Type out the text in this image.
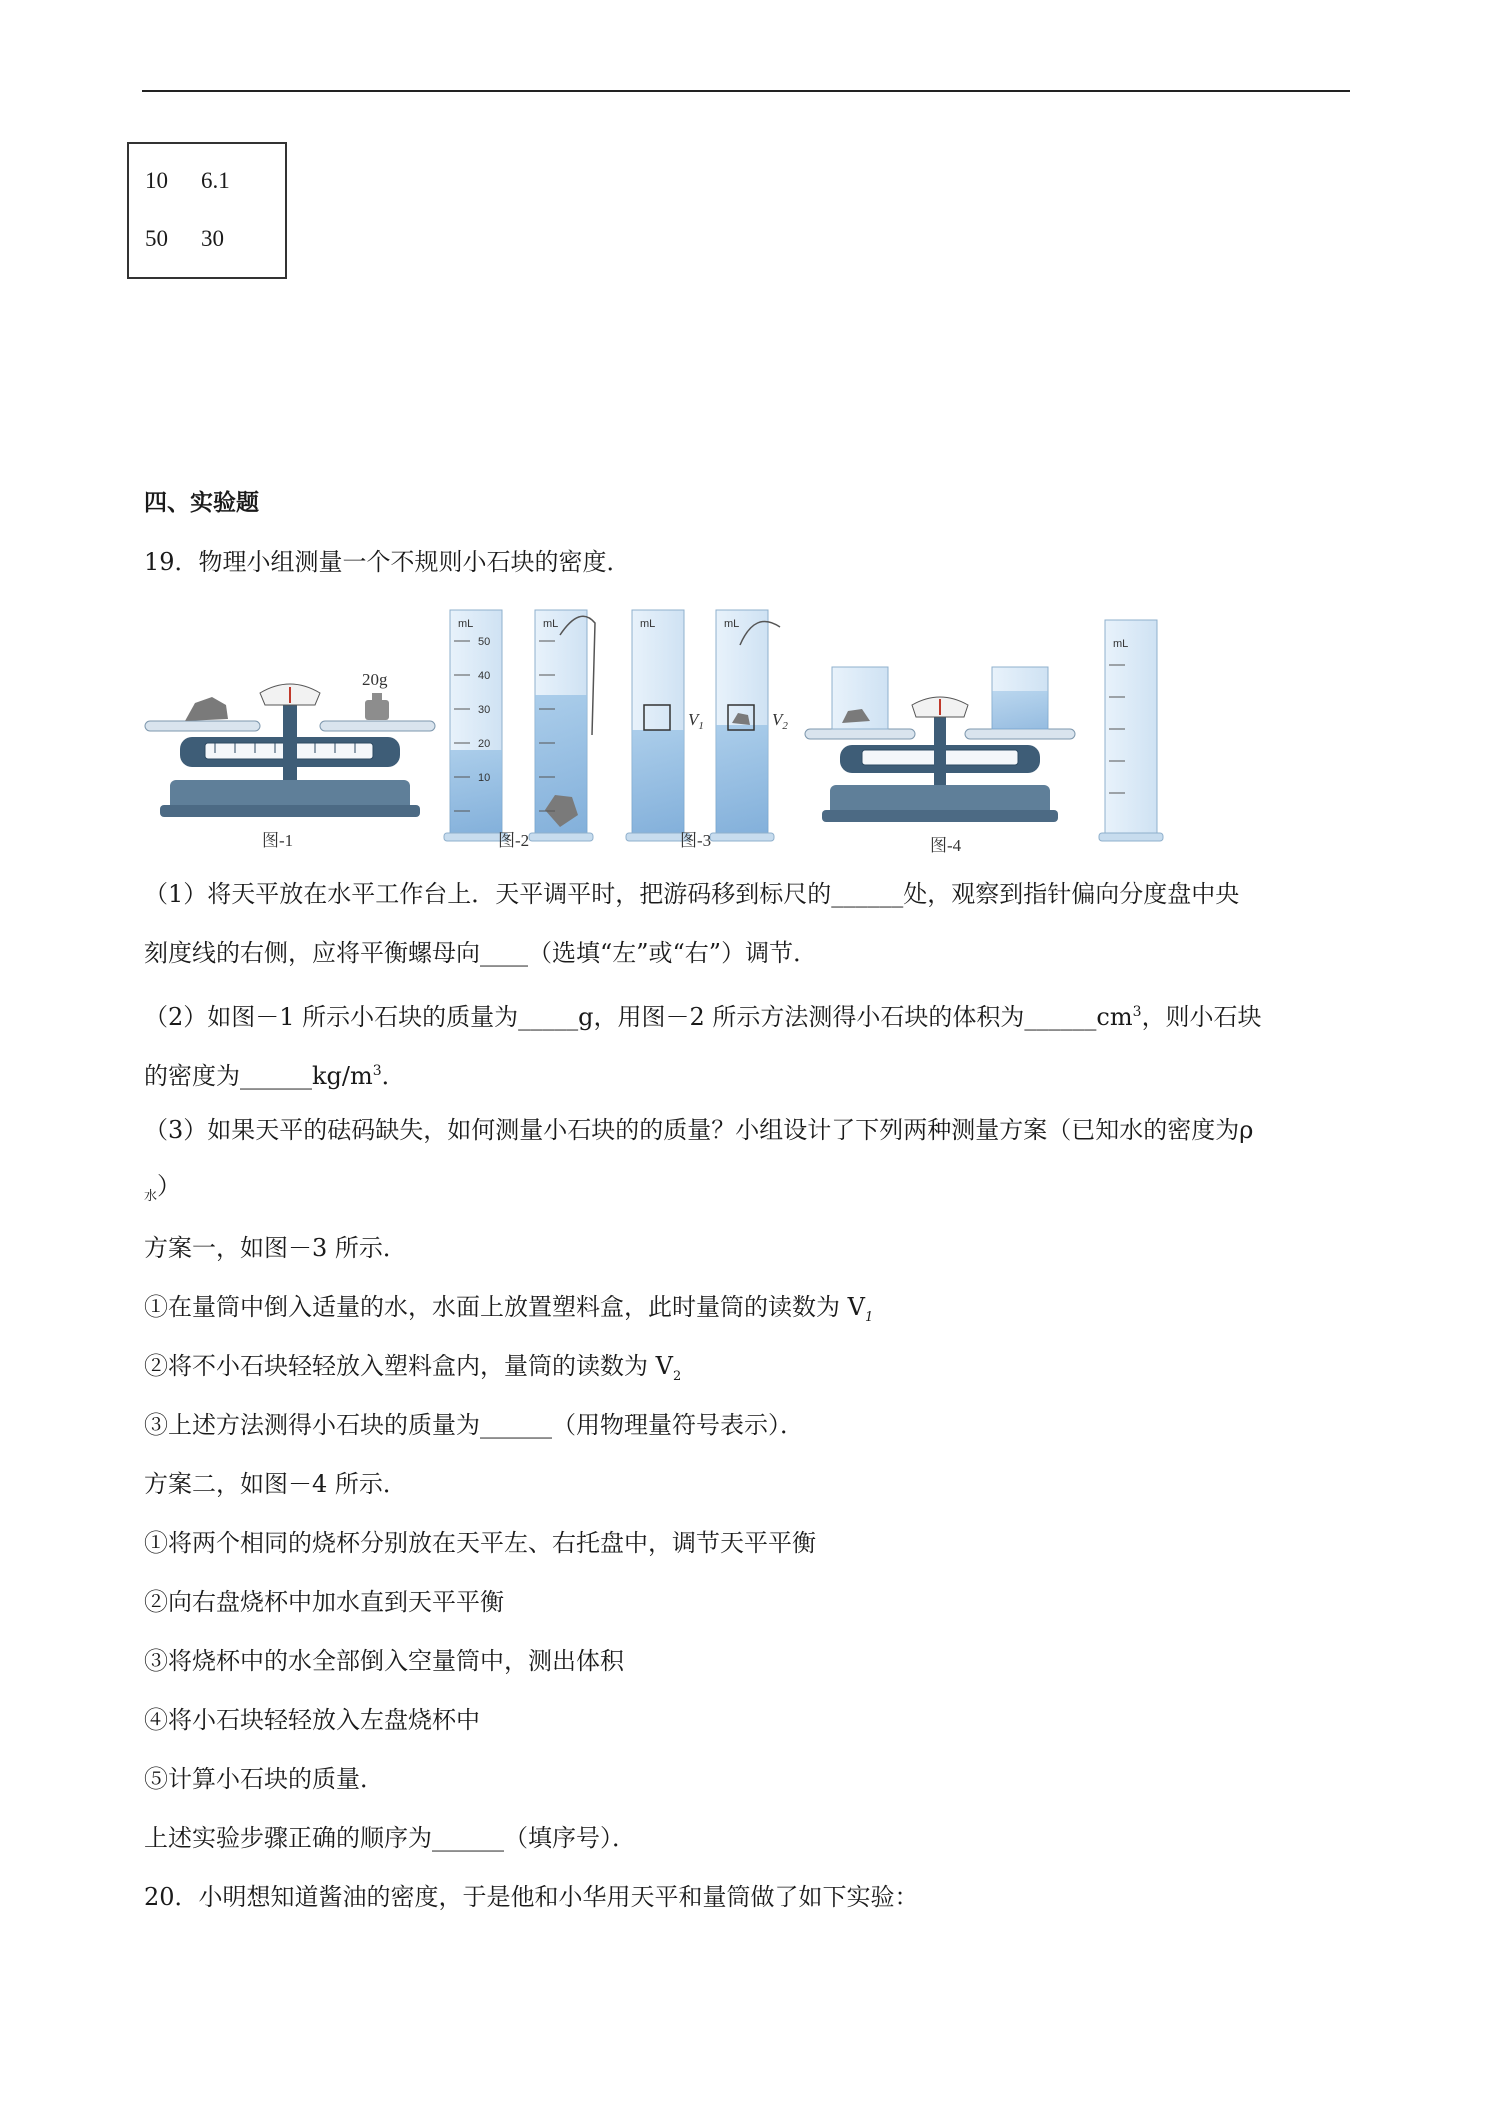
10 6.1
50 30
四、实验题
19．物理小组测量一个不规则小石块的密度．
20g
图-1
mL
50
40
30
20
10
mL
图-2
mL
$V_1$
mL
$V_2$
图-3	图-4
mL
（1）将天平放在水平工作台上．天平调平时，把游码移到标尺的______处，观察到指针偏向分度盘中央
刻度线的右侧，应将平衡螺母向____（选填“左”或“右”）调节．
（2）如图－1 所示小石块的质量为_____g，用图－2 所示方法测得小石块的体积为$\_\_\_\_\_\_cm^3$，则小石块
的密度为$\_\_\_\_\_\_kg/m^3$．
（3）如果天平的砝码缺失，如何测量小石块的的质量？小组设计了下列两种测量方案（已知水的密度为ρ
$_水$）
方案一，如图－3 所示．
①在量筒中倒入适量的水，水面上放置塑料盒，此时量筒的读数为 $V_1$
②将不小石块轻轻放入塑料盒内，量筒的读数为 $V_2$
③上述方法测得小石块的质量为______（用物理量符号表示）．
方案二，如图－4 所示．
①将两个相同的烧杯分别放在天平左、右托盘中，调节天平平衡
②向右盘烧杯中加水直到天平平衡
③将烧杯中的水全部倒入空量筒中，测出体积
④将小石块轻轻放入左盘烧杯中
⑤计算小石块的质量．
上述实验步骤正确的顺序为______（填序号）．
20．小明想知道酱油的密度，于是他和小华用天平和量筒做了如下实验：
